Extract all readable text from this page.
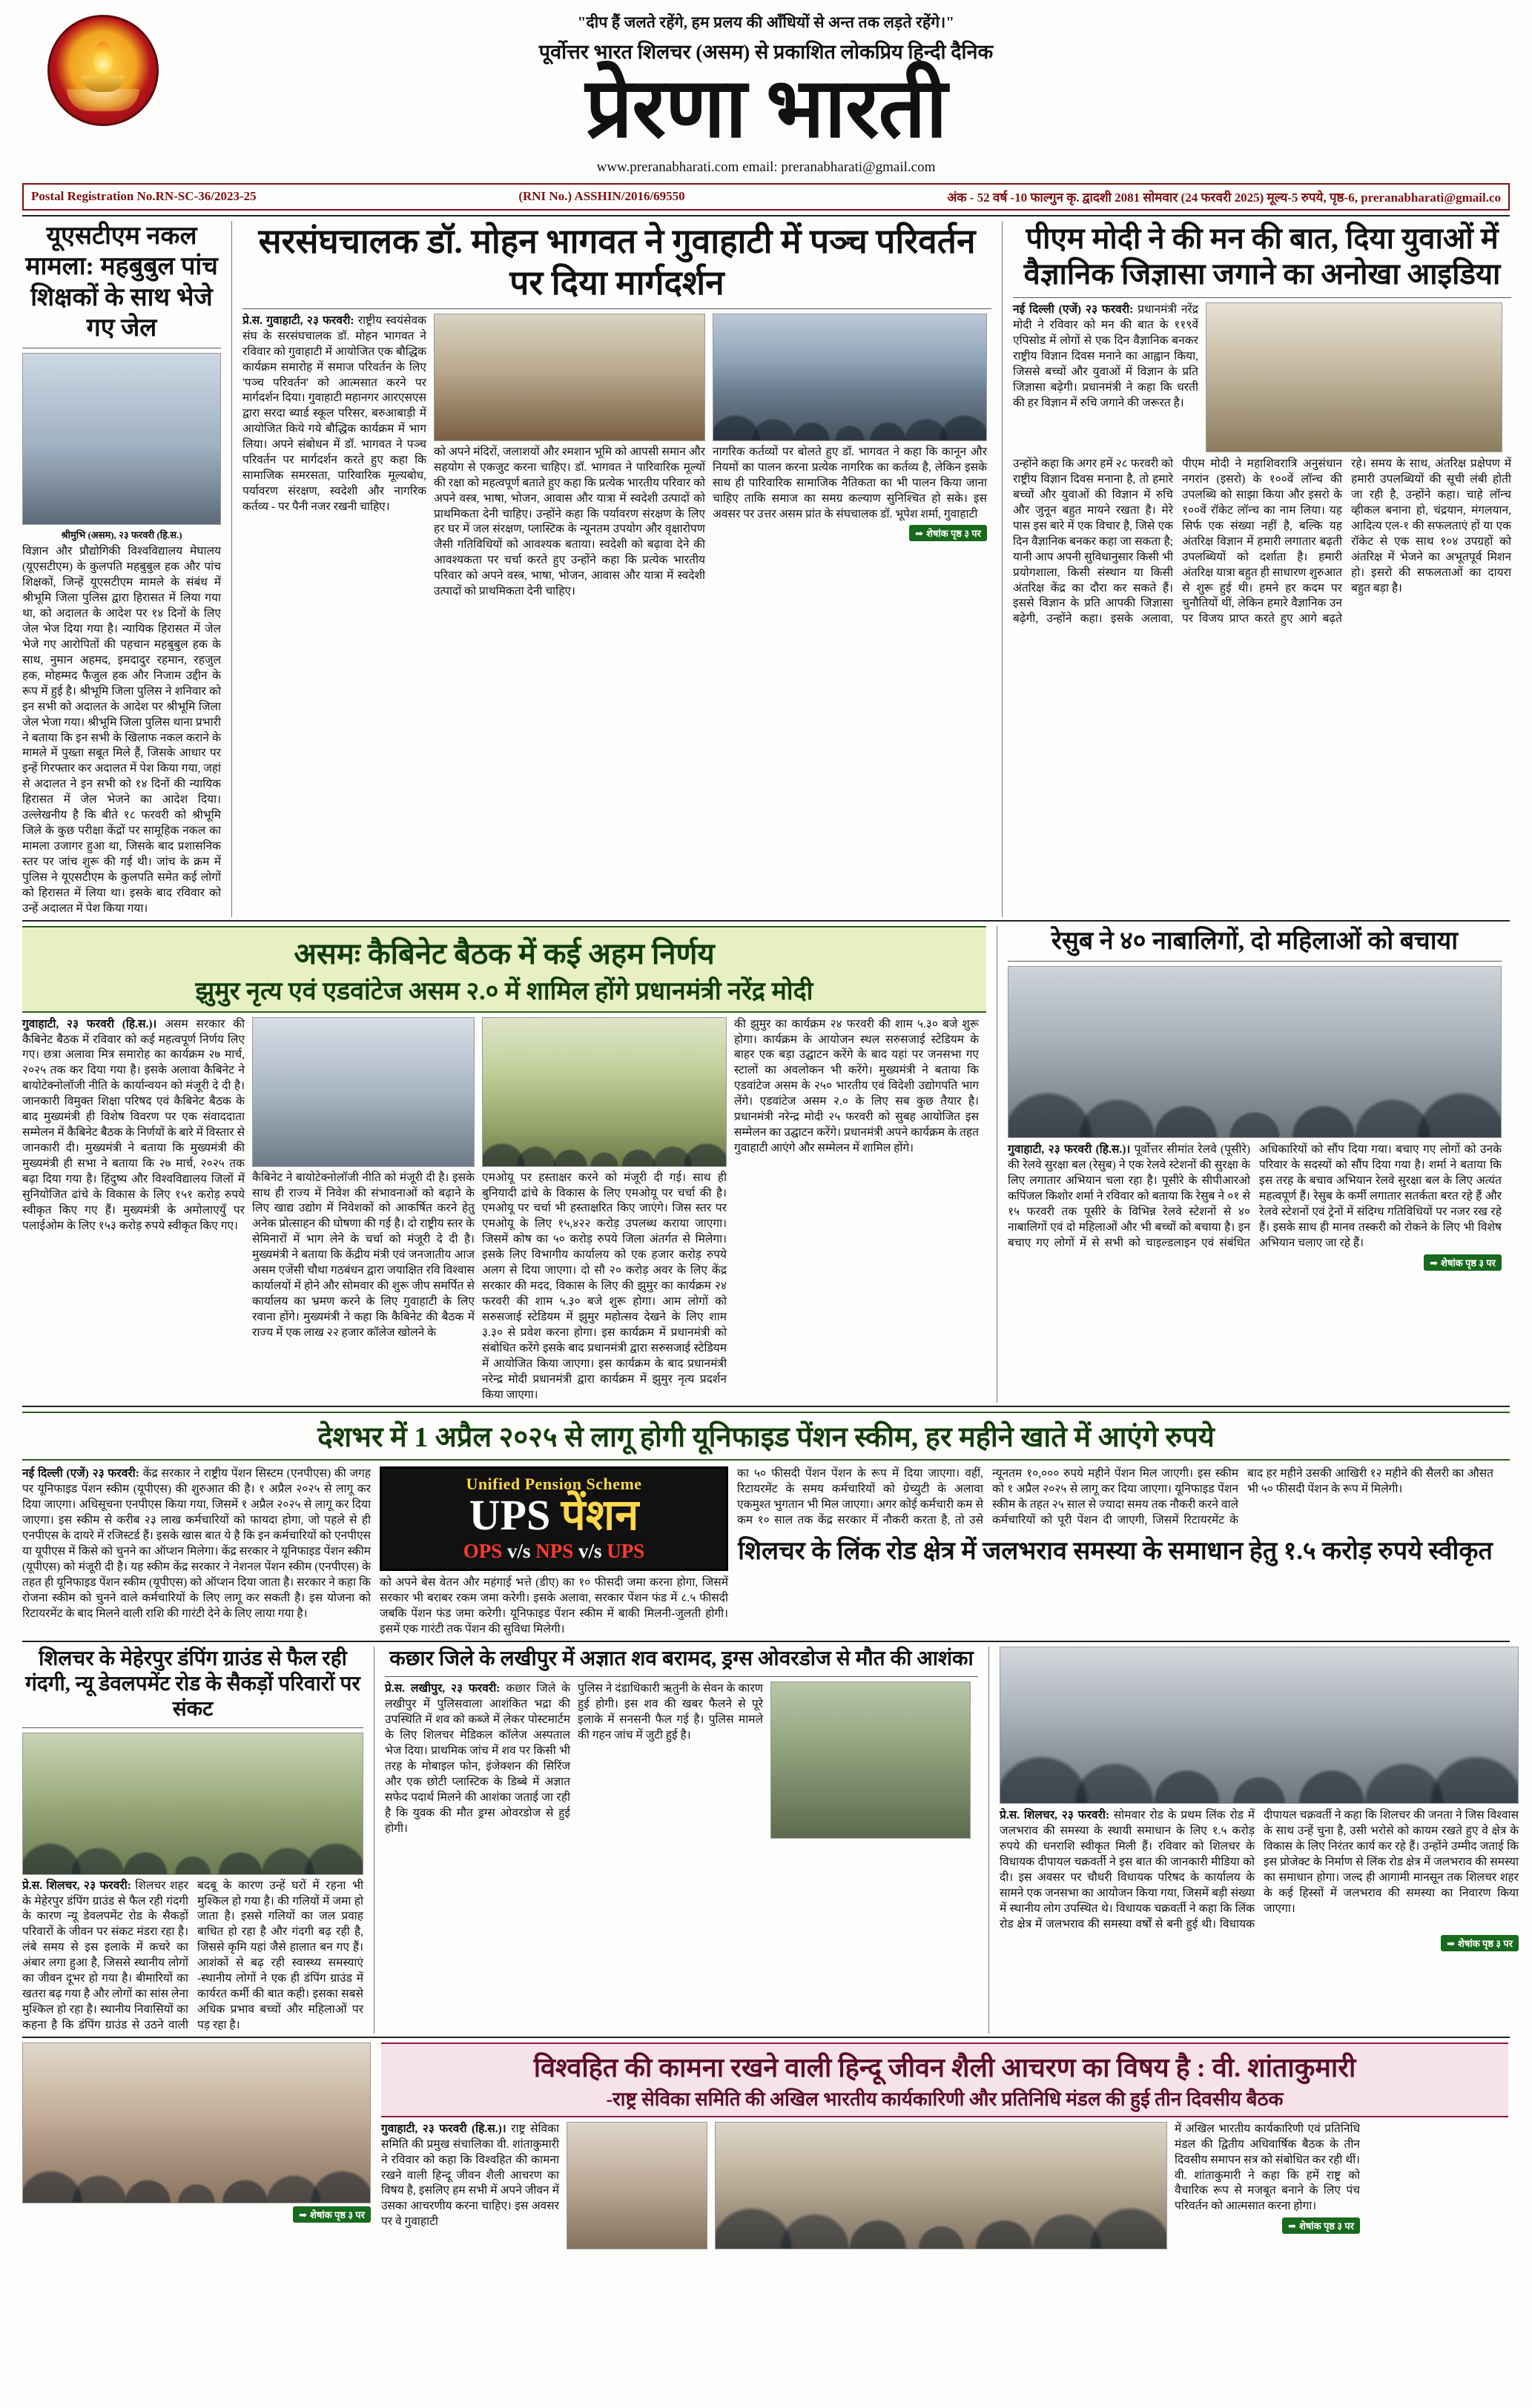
"दीप हैं जलते रहेंगे, हम प्रलय की आँधियों से अन्त तक लड़ते रहेंगे।"
पूर्वोत्तर भारत शिलचर (असम) से प्रकाशित लोकप्रिय हिन्दी दैनिक
प्रेरणा भारती
www.preranabharati.com email: preranabharati@gmail.com
Postal Registration No.RN-SC-36/2023-25	(RNI No.) ASSHIN/2016/69550	अंक - 52 वर्ष -10 फाल्गुन कृ. द्वादशी 2081 सोमवार (24 फरवरी 2025) मूल्य-5 रुपये, पृष्ठ-6, preranabharati@gmail.co
यूएसटीएम नकल मामला: महबुबुल पांच शिक्षकों के साथ भेजे गए जेल
श्रीमुभि (असम), २३ फरवरी (हि.स.)
विज्ञान और प्रौद्योगिकी विश्वविद्यालय मेघालय (यूएसटीएम) के कुलपति महबुबुल हक और पांच शिक्षकों, जिन्हें यूएसटीएम मामले के संबंध में श्रीभूमि जिला पुलिस द्वारा हिरासत में लिया गया था, को अदालत के आदेश पर १४ दिनों के लिए जेल भेज दिया गया है। न्यायिक हिरासत में जेल भेजे गए आरोपितों की पहचान महबुबुल हक के साथ, नुमान अहमद, इमदादुर रहमान, रहजुल हक, मोहम्मद फैजुल हक और निजाम उद्दीन के रूप में हुई है। श्रीभूमि जिला पुलिस ने शनिवार को इन सभी को अदालत के आदेश पर श्रीभूमि जिला जेल भेजा गया। श्रीभूमि जिला पुलिस थाना प्रभारी ने बताया कि इन सभी के खिलाफ नकल कराने के मामले में पुख्ता सबूत मिले हैं, जिसके आधार पर इन्हें गिरफ्तार कर अदालत में पेश किया गया, जहां से अदालत ने इन सभी को १४ दिनों की न्यायिक हिरासत में जेल भेजने का आदेश दिया। उल्लेखनीय है कि बीते १८ फरवरी को श्रीभूमि जिले के कुछ परीक्षा केंद्रों पर सामूहिक नकल का मामला उजागर हुआ था, जिसके बाद प्रशासनिक स्तर पर जांच शुरू की गई थी। जांच के क्रम में पुलिस ने यूएसटीएम के कुलपति समेत कई लोगों को हिरासत में लिया था। इसके बाद रविवार को उन्हें अदालत में पेश किया गया।
सरसंघचालक डॉ. मोहन भागवत ने गुवाहाटी में पञ्च परिवर्तन पर दिया मार्गदर्शन
प्रे.स. गुवाहाटी, २३ फरवरी: राष्ट्रीय स्वयंसेवक संघ के सरसंघचालक डॉ. मोहन भागवत ने रविवार को गुवाहाटी में आयोजित एक बौद्धिक कार्यक्रम समारोह में समाज परिवर्तन के लिए 'पञ्च परिवर्तन' को आत्मसात करने पर मार्गदर्शन दिया। गुवाहाटी महानगर आरएसएस द्वारा सरदा ब्यार्ड स्कूल परिसर, बरुआबाड़ी में आयोजित किये गये बौद्धिक कार्यक्रम में भाग लिया। अपने संबोधन में डॉ. भागवत ने पञ्च परिवर्तन पर मार्गदर्शन करते हुए कहा कि सामाजिक समरसता, पारिवारिक मूल्यबोध, पर्यावरण संरक्षण, स्वदेशी और नागरिक कर्तव्य - पर पैनी नजर रखनी चाहिए।
को अपने मंदिरों, जलाशयों और श्मशान भूमि को आपसी समान और सहयोग से एकजुट करना चाहिए। डॉ. भागवत ने पारिवारिक मूल्यों की रक्षा को महत्वपूर्ण बताते हुए कहा कि प्रत्येक भारतीय परिवार को अपने वस्त्र, भाषा, भोजन, आवास और यात्रा में स्वदेशी उत्पादों को प्राथमिकता देनी चाहिए। उन्होंने कहा कि पर्यावरण संरक्षण के लिए हर घर में जल संरक्षण, प्लास्टिक के न्यूनतम उपयोग और वृक्षारोपण जैसी गतिविधियों को आवश्यक बताया। स्वदेशी को बढ़ावा देने की आवश्यकता पर चर्चा करते हुए उन्होंने कहा कि प्रत्येक भारतीय परिवार को अपने वस्त्र, भाषा, भोजन, आवास और यात्रा में स्वदेशी उत्पादों को प्राथमिकता देनी चाहिए।
नागरिक कर्तव्यों पर बोलते हुए डॉ. भागवत ने कहा कि कानून और नियमों का पालन करना प्रत्येक नागरिक का कर्तव्य है, लेकिन इसके साथ ही पारिवारिक सामाजिक नैतिकता का भी पालन किया जाना चाहिए ताकि समाज का समग्र कल्याण सुनिश्चित हो सके। इस अवसर पर उत्तर असम प्रांत के संघचालक डॉ. भूपेश शर्मा, गुवाहाटी
➡ शेषांक पृष्ठ ३ पर
पीएम मोदी ने की मन की बात, दिया युवाओं में वैज्ञानिक जिज्ञासा जगाने का अनोखा आइडिया
नई दिल्ली (एजें) २३ फरवरी: प्रधानमंत्री नरेंद्र मोदी ने रविवार को मन की बात के ११९वें एपिसोड में लोगों से एक दिन वैज्ञानिक बनकर राष्ट्रीय विज्ञान दिवस मनाने का आह्वान किया, जिससे बच्चों और युवाओं में विज्ञान के प्रति जिज्ञासा बढ़ेगी। प्रधानमंत्री ने कहा कि धरती की हर विज्ञान में रुचि जगाने की जरूरत है।
उन्होंने कहा कि अगर हमें २८ फरवरी को राष्ट्रीय विज्ञान दिवस मनाना है, तो हमारे बच्चों और युवाओं की विज्ञान में रुचि और जुनून बहुत मायने रखता है। मेरे पास इस बारे में एक विचार है, जिसे एक दिन वैज्ञानिक बनकर कहा जा सकता है; यानी आप अपनी सुविधानुसार किसी भी प्रयोगशाला, किसी संस्थान या किसी अंतरिक्ष केंद्र का दौरा कर सकते हैं। इससे विज्ञान के प्रति आपकी जिज्ञासा बढ़ेगी, उन्होंने कहा। इसके अलावा, पीएम मोदी ने महाशिवरात्रि अनुसंधान नगरांन (इसरो) के १००वें लॉन्च की उपलब्धि को साझा किया और इसरो के १००वें रॉकेट लॉन्च का नाम लिया। यह सिर्फ एक संख्या नहीं है, बल्कि यह अंतरिक्ष विज्ञान में हमारी लगातार बढ़ती उपलब्धियों को दर्शाता है। हमारी अंतरिक्ष यात्रा बहुत ही साधारण शुरुआत से शुरू हुई थी। हमने हर कदम पर चुनौतियों थीं, लेकिन हमारे वैज्ञानिक उन पर विजय प्राप्त करते हुए आगे बढ़ते रहे। समय के साथ, अंतरिक्ष प्रक्षेपण में हमारी उपलब्धियों की सूची लंबी होती जा रही है, उन्होंने कहा। चाहे लॉन्च व्हीकल बनाना हो, चंद्रयान, मंगलयान, आदित्य एल-१ की सफलताएं हों या एक रॉकेट से एक साथ १०४ उपग्रहों को अंतरिक्ष में भेजने का अभूतपूर्व मिशन हो। इसरो की सफलताओं का दायरा बहुत बड़ा है।
असमः कैबिनेट बैठक में कई अहम निर्णय
झुमुर नृत्य एवं एडवांटेज असम २.० में शामिल होंगे प्रधानमंत्री नरेंद्र मोदी
गुवाहाटी, २३ फरवरी (हि.स.)। असम सरकार की कैबिनेट बैठक में रविवार को कई महत्वपूर्ण निर्णय लिए गए। छत्रा अलावा मित्र समारोह का कार्यक्रम २७ मार्च, २०२५ तक कर दिया गया है। इसके अलावा कैबिनेट ने बायोटेक्नोलॉजी नीति के कार्यान्वयन को मंजूरी दे दी है। जानकारी विमुक्त शिक्षा परिषद एवं कैबिनेट बैठक के बाद मुख्यमंत्री ही विशेष विवरण पर एक संवाददाता सम्मेलन में कैबिनेट बैठक के निर्णयों के बारे में विस्तार से जानकारी दी। मुख्यमंत्री ने बताया कि मुख्यमंत्री की मुख्यमंत्री ही सभा ने बताया कि २७ मार्च, २०२५ तक बढ़ा दिया गया है। हिंदुष्य और विश्वविद्यालय जिलों में सुनियोजित ढांचे के विकास के लिए १५१ करोड़ रुपये स्वीकृत किए गए हैं। मुख्यमंत्री के अमोलाएयुँ पर पलाईओम के लिए १५३ करोड़ रुपये स्वीकृत किए गए।
कैबिनेट ने बायोटेक्नोलॉजी नीति को मंजूरी दी है। इसके साथ ही राज्य में निवेश की संभावनाओं को बढ़ाने के लिए खाद्य उद्योग में निवेशकों को आकर्षित करने हेतु अनेक प्रोत्साहन की घोषणा की गई है। दो राष्ट्रीय स्तर के सेमिनारों में भाग लेने के चर्चा को मंजूरी दे दी है। मुख्यमंत्री ने बताया कि केंद्रीय मंत्री एवं जनजातीय आज असम एजेंसी चौथा गठबंधन द्वारा जयाक्षित रवि विश्वास कार्यालयों में होने और सोमवार की शुरू जीप समर्पित से कार्यालय का भ्रमण करने के लिए गुवाहाटी के लिए रवाना होंगे। मुख्यमंत्री ने कहा कि कैबिनेट की बैठक में राज्य में एक लाख २२ हजार कॉलेज खोलने के
एमओयू पर हस्ताक्षर करने को मंजूरी दी गई। साथ ही बुनियादी ढांचे के विकास के लिए एमओयू पर चर्चा की है। एमओयू पर चर्चा भी हस्ताक्षरित किए जाएंगे। जिस स्तर पर एमओयू के लिए १५,४२२ करोड़ उपलब्ध कराया जाएगा। जिसमें कोष का ५० करोड़ रुपये जिला अंतर्गत से मिलेगा। इसके लिए विभागीय कार्यालय को एक हजार करोड़ रुपये अलग से दिया जाएगा। दो सौ २० करोड़ अवर के लिए केंद्र सरकार की मदद, विकास के लिए की झुमुर का कार्यक्रम २४ फरवरी की शाम ५.३० बजे शुरू होगा। आम लोगों को सरुसजाई स्टेडियम में झुमुर महोत्सव देखने के लिए शाम ३.३० से प्रवेश करना होगा। इस कार्यक्रम में प्रधानमंत्री को संबोधित करेंगे इसके बाद प्रधानमंत्री द्वारा सरुसजाई स्टेडियम में आयोजित किया जाएगा। इस कार्यक्रम के बाद प्रधानमंत्री नरेन्द्र मोदी प्रधानमंत्री द्वारा कार्यक्रम में झुमुर नृत्य प्रदर्शन किया जाएगा।
की झुमुर का कार्यक्रम २४ फरवरी की शाम ५.३० बजे शुरू होगा। कार्यक्रम के आयोजन स्थल सरुसजाई स्टेडियम के बाहर एक बड़ा उद्घाटन करेंगे के बाद यहां पर जनसभा गए स्टालों का अवलोकन भी करेंगे। मुख्यमंत्री ने बताया कि एडवांटेज असम के २५० भारतीय एवं विदेशी उद्योगपति भाग लेंगे। एडवांटेज असम २.० के लिए सब कुछ तैयार है। प्रधानमंत्री नरेन्द्र मोदी २५ फरवरी को सुबह आयोजित इस सम्मेलन का उद्घाटन करेंगे। प्रधानमंत्री अपने कार्यक्रम के तहत गुवाहाटी आएंगे और सम्मेलन में शामिल होंगे।
रेसुब ने ४० नाबालिगों, दो महिलाओं को बचाया
गुवाहाटी, २३ फरवरी (हि.स.)। पूर्वोत्तर सीमांत रेलवे (पूसीरे) की रेलवे सुरक्षा बल (रेसुब) ने एक रेलवे स्टेशनों की सुरक्षा के लिए लगातार अभियान चला रहा है। पूसीरे के सीपीआरओ कपिंजल किशोर शर्मा ने रविवार को बताया कि रेसुब ने ०१ से १५ फरवरी तक पूसीरे के विभिन्न रेलवे स्टेशनों से ४० नाबालिगों एवं दो महिलाओं और भी बच्चों को बचाया है। इन बचाए गए लोगों में से सभी को चाइल्डलाइन एवं संबंधित अधिकारियों को सौंप दिया गया। बचाए गए लोगों को उनके परिवार के सदस्यों को सौंप दिया गया है। शर्मा ने बताया कि इस तरह के बचाव अभियान रेलवे सुरक्षा बल के लिए अत्यंत महत्वपूर्ण हैं। रेसुब के कर्मी लगातार सतर्कता बरत रहे हैं और रेलवे स्टेशनों एवं ट्रेनों में संदिग्ध गतिविधियों पर नजर रख रहे हैं। इसके साथ ही मानव तस्करी को रोकने के लिए भी विशेष अभियान चलाए जा रहे हैं।
➡ शेषांक पृष्ठ ३ पर
देशभर में 1 अप्रैल २०२५ से लागू होगी यूनिफाइड पेंशन स्कीम, हर महीने खाते में आएंगे रुपये
नई दिल्ली (एजें) २३ फरवरी: केंद्र सरकार ने राष्ट्रीय पेंशन सिस्टम (एनपीएस) की जगह पर यूनिफाइड पेंशन स्कीम (यूपीएस) की शुरुआत की है। १ अप्रैल २०२५ से लागू कर दिया जाएगा। अधिसूचना एनपीएस किया गया, जिसमें १ अप्रैल २०२५ से लागू कर दिया जाएगा। इस स्कीम से करीब २३ लाख कर्मचारियों को फायदा होगा, जो पहले से ही एनपीएस के दायरे में रजिस्टर्ड हैं। इसके खास बात ये है कि इन कर्मचारियों को एनपीएस या यूपीएस में किसे को चुनने का ऑप्शन मिलेगा। केंद्र सरकार ने यूनिफाइड पेंशन स्कीम (यूपीएस) को मंजूरी दी है। यह स्कीम केंद्र सरकार ने नेशनल पेंशन स्कीम (एनपीएस) के तहत ही यूनिफाइड पेंशन स्कीम (यूपीएस) को ऑप्शन दिया जाता है। सरकार ने कहा कि रोजना स्कीम को चुनने वाले कर्मचारियों के लिए लागू कर सकती है। इस योजना को रिटायरमेंट के बाद मिलने वाली राशि की गारंटी देने के लिए लाया गया है।
Unified Pension Scheme
UPS पेंशन
OPS v/s NPS v/s UPS
को अपने बेस वेतन और महंगाई भत्ते (डीए) का १० फीसदी जमा करना होगा, जिसमें सरकार भी बराबर रकम जमा करेगी। इसके अलावा, सरकार पेंशन फंड में ८.५ फीसदी जबकि पेंशन फंड जमा करेगी। यूनिफाइड पेंशन स्कीम में बाकी मिलनी-जुलती होगी। इसमें एक गारंटी तक पेंशन की सुविधा मिलेगी।
का ५० फीसदी पेंशन पेंशन के रूप में दिया जाएगा। वहीं, रिटायरमेंट के समय कर्मचारियों को ग्रेच्युटी के अलावा एकमुश्त भुगतान भी मिल जाएगा। अगर कोई कर्मचारी कम से कम १० साल तक केंद्र सरकार में नौकरी करता है, तो उसे न्यूनतम १०,००० रुपये महीने पेंशन मिल जाएगी। इस स्कीम को १ अप्रैल २०२५ से लागू कर दिया जाएगा। यूनिफाइड पेंशन स्कीम के तहत २५ साल से ज्यादा समय तक नौकरी करने वाले कर्मचारियों को पूरी पेंशन दी जाएगी, जिसमें रिटायरमेंट के बाद हर महीने उसकी आखिरी १२ महीने की सैलरी का औसत भी ५० फीसदी पेंशन के रूप में मिलेगी।
शिलचर के लिंक रोड क्षेत्र में जलभराव समस्या के समाधान हेतु १.५ करोड़ रुपये स्वीकृत
शिलचर के मेहेरपुर डंपिंग ग्राउंड से फैल रही गंदगी, न्यू डेवलपमेंट रोड के सैकड़ों परिवारों पर संकट
प्रे.स. शिलचर, २३ फरवरी: शिलचर शहर के मेहेरपुर डंपिंग ग्राउंड से फैल रही गंदगी के कारण न्यू डेवलपमेंट रोड के सैकड़ों परिवारों के जीवन पर संकट मंडरा रहा है। लंबे समय से इस इलाके में कचरे का अंबार लगा हुआ है, जिससे स्थानीय लोगों का जीवन दूभर हो गया है। बीमारियों का खतरा बढ़ गया है और लोगों का सांस लेना मुश्किल हो रहा है। स्थानीय निवासियों का कहना है कि डंपिंग ग्राउंड से उठने वाली बदबू के कारण उन्हें घरों में रहना भी मुश्किल हो गया है। की गलियों में जमा हो जाता है। इससे गलियों का जल प्रवाह बाधित हो रहा है और गंदगी बढ़ रही है, जिससे कृमि यहां जैसे हालात बन गए हैं। आशंकों से बढ़ रही स्वास्थ्य समस्याएं -स्थानीय लोगों ने एक ही डंपिंग ग्राउंड में कार्यरत कर्मी की बात कही। इसका सबसे अधिक प्रभाव बच्चों और महिलाओं पर पड़ रहा है।
कछार जिले के लखीपुर में अज्ञात शव बरामद, ड्रग्स ओवरडोज से मौत की आशंका
प्रे.स. लखीपुर, २३ फरवरी: कछार जिले के लखीपुर में पुलिसवाला आशंकित भद्रा की उपस्थिति में शव को कब्जे में लेकर पोस्टमार्टम के लिए शिलचर मेडिकल कॉलेज अस्पताल भेज दिया। प्राथमिक जांच में शव पर किसी भी तरह के मोबाइल फोन, इंजेक्शन की सिरिंज और एक छोटी प्लास्टिक के डिब्बे में अज्ञात सफेद पदार्थ मिलने की आशंका जताई जा रही है कि युवक की मौत ड्रग्स ओवरडोज से हुई होगी।
पुलिस ने दंडाधिकारी ऋतुनी के सेवन के कारण हुई होगी। इस शव की खबर फैलने से पूरे इलाके में सनसनी फैल गई है। पुलिस मामले की गहन जांच में जुटी हुई है।
प्रे.स. शिलचर, २३ फरवरी: सोमवार रोड के प्रथम लिंक रोड में जलभराव की समस्या के स्थायी समाधान के लिए १.५ करोड़ रुपये की धनराशि स्वीकृत मिली हैं। रविवार को शिलचर के विधायक दीपायल चक्रवर्ती ने इस बात की जानकारी मीडिया को दी। इस अवसर पर चौधरी विधायक परिषद के कार्यालय के सामने एक जनसभा का आयोजन किया गया, जिसमें बड़ी संख्या में स्थानीय लोग उपस्थित थे। विधायक चक्रवर्ती ने कहा कि लिंक रोड क्षेत्र में जलभराव की समस्या वर्षों से बनी हुई थी। विधायक दीपायल चक्रवर्ती ने कहा कि शिलचर की जनता ने जिस विश्वास के साथ उन्हें चुना है, उसी भरोसे को कायम रखते हुए वे क्षेत्र के विकास के लिए निरंतर कार्य कर रहे हैं। उन्होंने उम्मीद जताई कि इस प्रोजेक्ट के निर्माण से लिंक रोड क्षेत्र में जलभराव की समस्या का समाधान होगा। जल्द ही आगामी मानसून तक शिलचर शहर के कई हिस्सों में जलभराव की समस्या का निवारण किया जाएगा।
➡ शेषांक पृष्ठ ३ पर
➡ शेषांक पृष्ठ ३ पर
विश्वहित की कामना रखने वाली हिन्दू जीवन शैली आचरण का विषय है : वी. शांताकुमारी
-राष्ट्र सेविका समिति की अखिल भारतीय कार्यकारिणी और प्रतिनिधि मंडल की हुई तीन दिवसीय बैठक
गुवाहाटी, २३ फरवरी (हि.स.)। राष्ट्र सेविका समिति की प्रमुख संचालिका वी. शांताकुमारी ने रविवार को कहा कि विश्वहित की कामना रखने वाली हिन्दू जीवन शैली आचरण का विषय है, इसलिए हम सभी में अपने जीवन में उसका आचरणीय करना चाहिए। इस अवसर पर वे गुवाहाटी
में अखिल भारतीय कार्यकारिणी एवं प्रतिनिधि मंडल की द्वितीय अधिवार्षिक बैठक के तीन दिवसीय समापन सत्र को संबोधित कर रही थीं। वी. शांताकुमारी ने कहा कि हमें राष्ट्र को वैचारिक रूप से मजबूत बनाने के लिए पंच परिवर्तन को आत्मसात करना होगा।
➡ शेषांक पृष्ठ ३ पर
